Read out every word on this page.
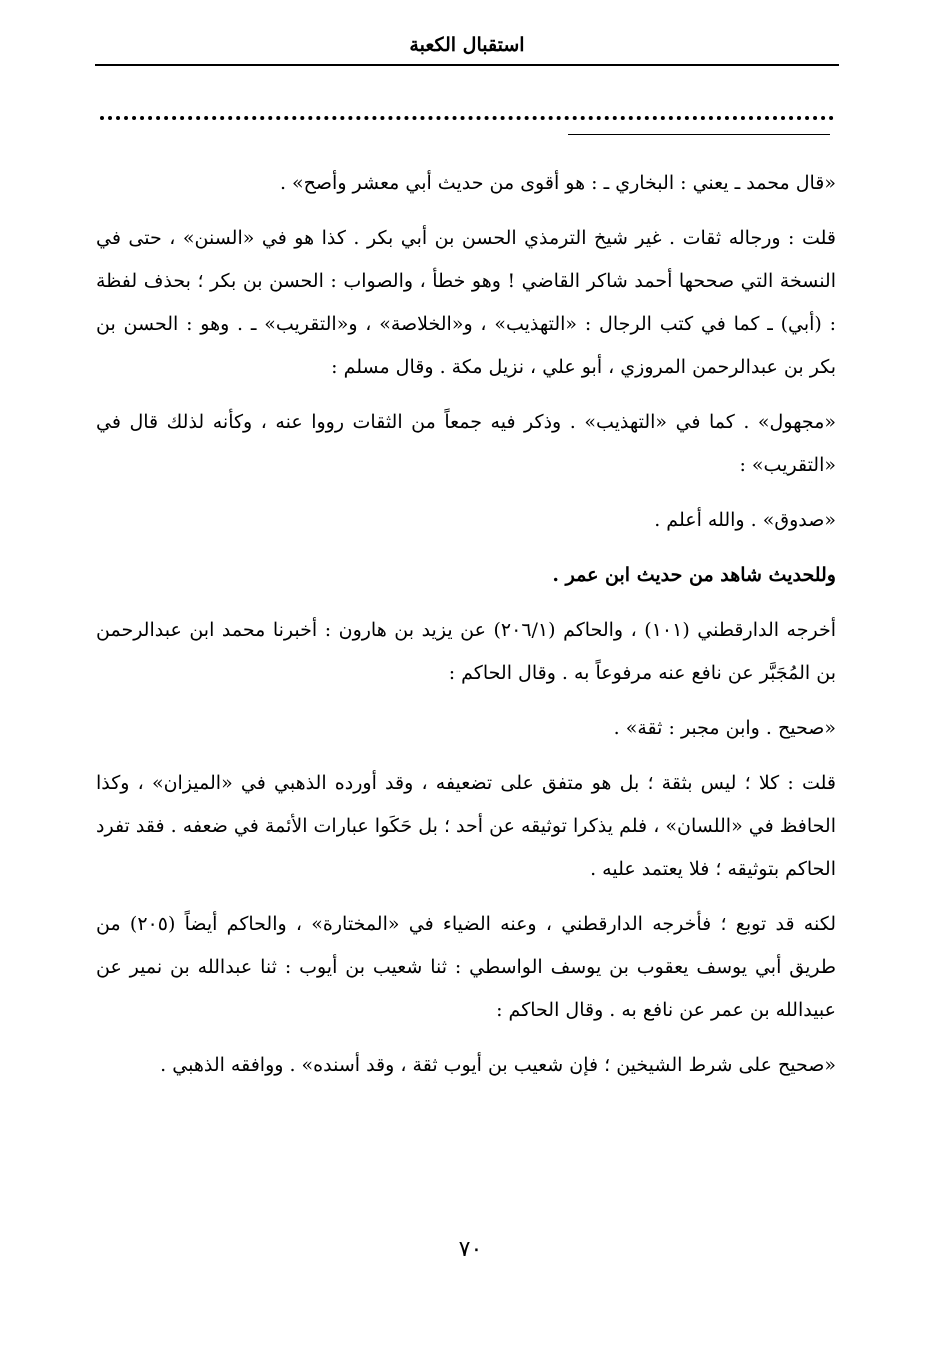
استقبال الكعبة

«قال محمد ـ يعني : البخاري ـ : هو أقوى من حديث أبي معشر وأصح» .

قلت : ورجاله ثقات . غير شيخ الترمذي الحسن بن أبي بكر . كذا هو في «السنن» ، حتى في النسخة التي صححها أحمد شاكر القاضي ! وهو خطأ ، والصواب : الحسن بن بكر ؛ بحذف لفظة : (أبي) ـ كما في كتب الرجال : «التهذيب» ، و«الخلاصة» ، و«التقريب» ـ . وهو : الحسن بن بكر بن عبدالرحمن المروزي ، أبو علي ، نزيل مكة . وقال مسلم :

«مجهول» . كما في «التهذيب» . وذكر فيه جمعاً من الثقات رووا عنه ، وكأنه لذلك قال في «التقريب» :

«صدوق» . والله أعلم .

وللحديث شاهد من حديث ابن عمر .

أخرجه الدارقطني (١٠١) ، والحاكم (٢٠٦/١) عن يزيد بن هارون : أخبرنا محمد ابن عبدالرحمن بن المُجَبَّر عن نافع عنه مرفوعاً به . وقال الحاكم :

«صحيح . وابن مجبر : ثقة» .

قلت : كلا ؛ ليس بثقة ؛ بل هو متفق على تضعيفه ، وقد أورده الذهبي في «الميزان» ، وكذا الحافظ في «اللسان» ، فلم يذكرا توثيقه عن أحد ؛ بل حَكَوا عبارات الأئمة في ضعفه . فقد تفرد الحاكم بتوثيقه ؛ فلا يعتمد عليه .

لكنه قد توبع ؛ فأخرجه الدارقطني ، وعنه الضياء في «المختارة» ، والحاكم أيضاً (٢٠٥) من طريق أبي يوسف يعقوب بن يوسف الواسطي : ثنا شعيب بن أيوب : ثنا عبدالله بن نمير عن عبيدالله بن عمر عن نافع به . وقال الحاكم :

«صحيح على شرط الشيخين ؛ فإن شعيب بن أيوب ثقة ، وقد أسنده» . ووافقه الذهبي .

٧٠
